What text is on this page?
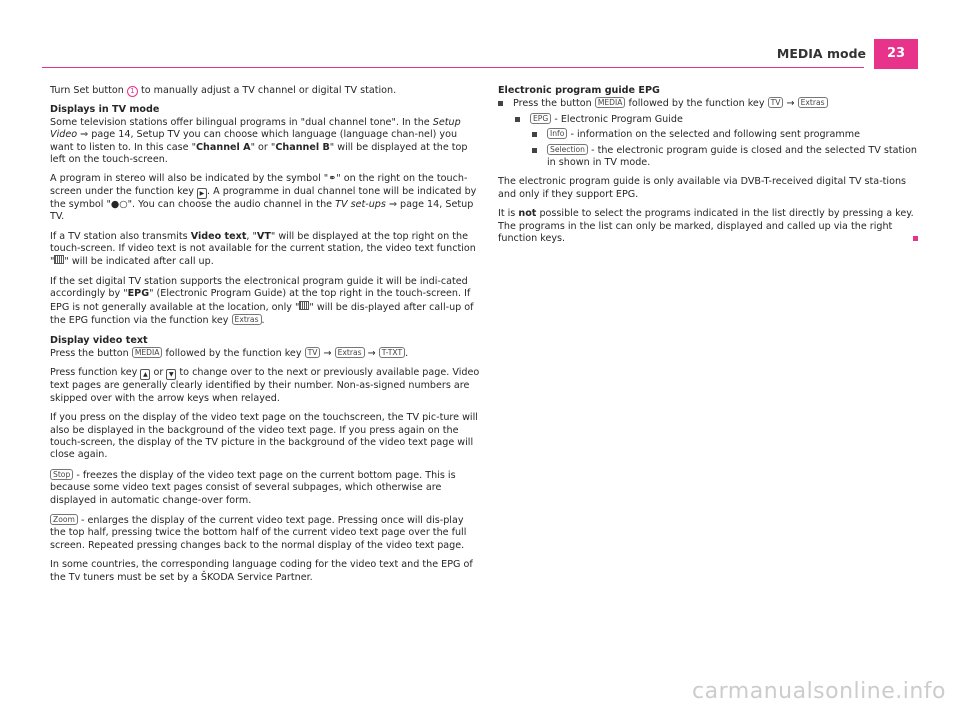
MEDIA mode	23

Turn Set button 1 to manually adjust a TV channel or digital TV station.

Displays in TV mode

Some television stations offer bilingual programs in "dual channel tone". In the Setup Video ⇒ page 14, Setup TV you can choose which language (language chan-nel) you want to listen to. In this case "Channel A" or "Channel B" will be displayed at the top left on the touch-screen.

A program in stereo will also be indicated by the symbol "⚭" on the right on the touch-screen under the function key ▶ . A programme in dual channel tone will be indicated by the symbol "●○". You can choose the audio channel in the TV set-ups ⇒ page 14, Setup TV.

If a TV station also transmits Video text, "VT" will be displayed at the top right on the touch-screen. If video text is not available for the current station, the video text function " " will be indicated after call up.

If the set digital TV station supports the electronical program guide it will be indi-cated accordingly by "EPG" (Electronic Program Guide) at the top right in the touch-screen. If EPG is not generally available at the location, only " " will be dis-played after call-up of the EPG function via the function key Extras .

Display video text

Press the button MEDIA followed by the function key TV → Extras → T-TXT .

Press function key ▲ or ▼ to change over to the next or previously available page. Video text pages are generally clearly identified by their number. Non-as-signed numbers are skipped over with the arrow keys when relayed.

If you press on the display of the video text page on the touchscreen, the TV pic-ture will also be displayed in the background of the video text page. If you press again on the touch-screen, the display of the TV picture in the background of the video text page will close again.

Stop - freezes the display of the video text page on the current bottom page. This is because some video text pages consist of several subpages, which otherwise are displayed in automatic change-over form.

Zoom - enlarges the display of the current video text page. Pressing once will dis-play the top half, pressing twice the bottom half of the current video text page over the full screen. Repeated pressing changes back to the normal display of the video text page.

In some countries, the corresponding language coding for the video text and the EPG of the Tv tuners must be set by a ŠKODA Service Partner.

Electronic program guide EPG

Press the button MEDIA followed by the function key TV → Extras
EPG - Electronic Program Guide
Info - information on the selected and following sent programme
Selection - the electronic program guide is closed and the selected TV station in shown in TV mode.

The electronic program guide is only available via DVB-T-received digital TV sta-tions and only if they support EPG.

It is not possible to select the programs indicated in the list directly by pressing a key. The programs in the list can only be marked, displayed and called up via the right function keys.

carmanualsonline.info
